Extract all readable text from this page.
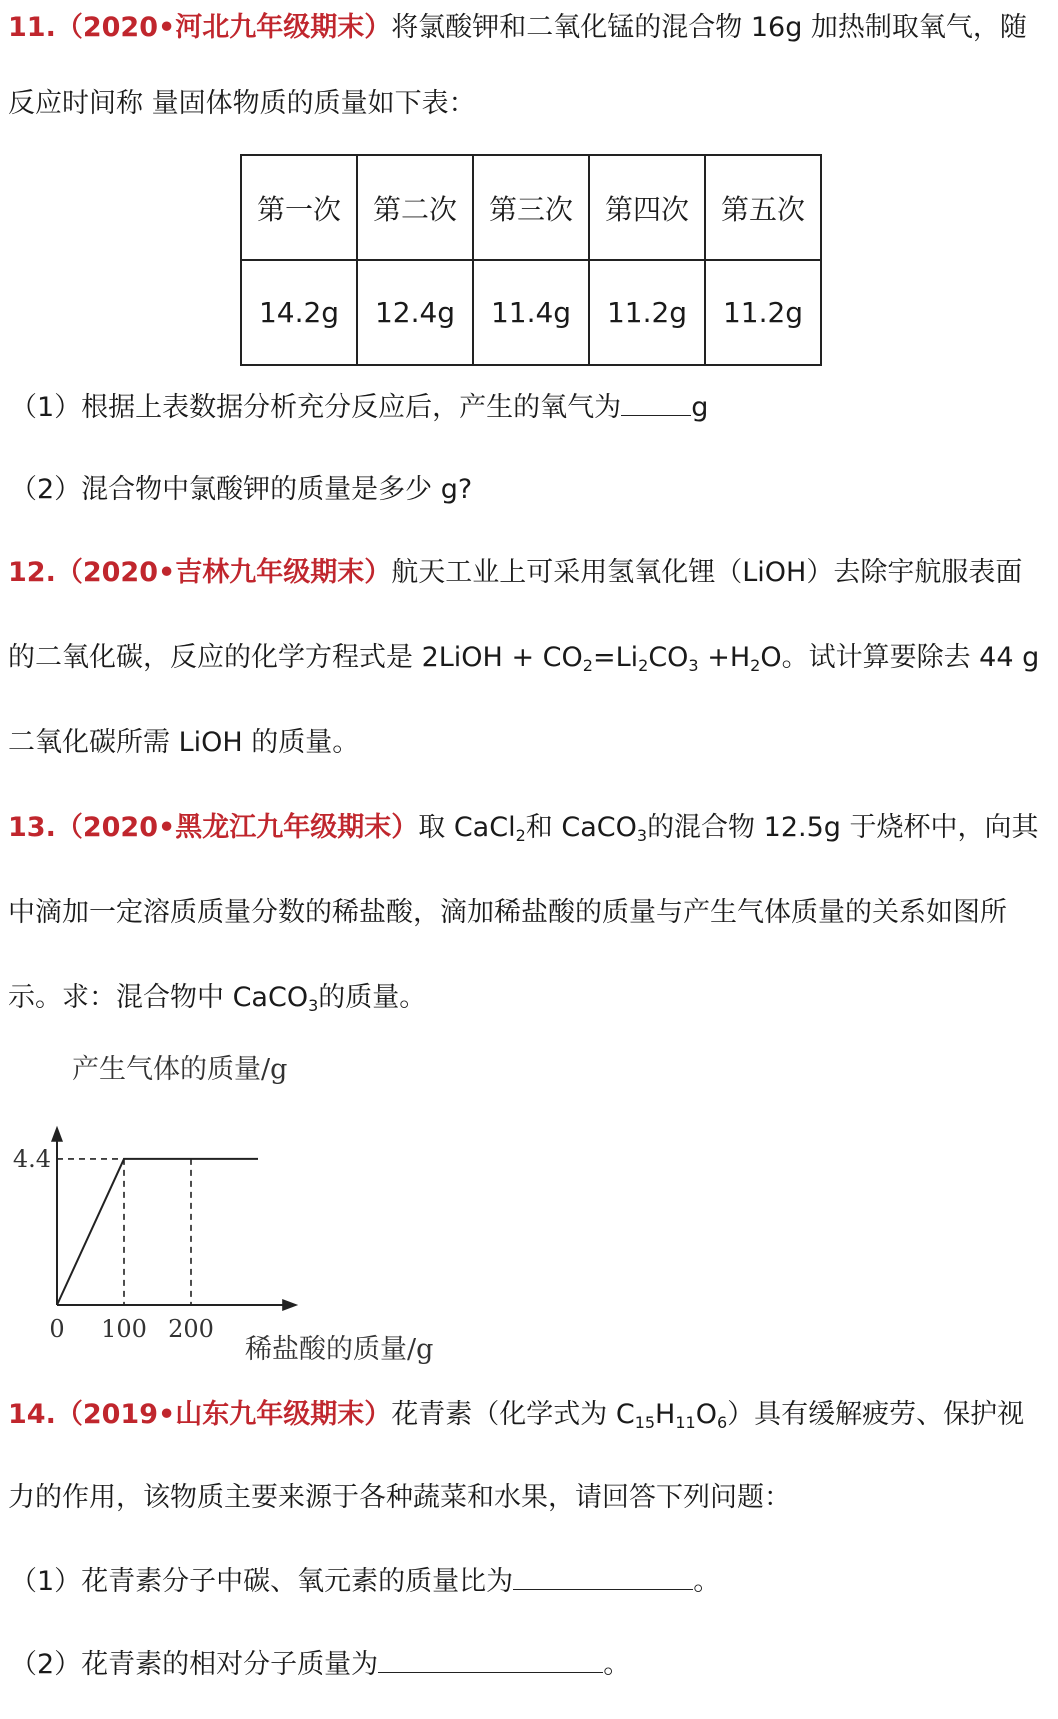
11.（2020•河北九年级期末）将氯酸钾和二氧化锰的混合物 16g 加热制取氧气，随
反应时间称 量固体物质的质量如下表：
第一次	第二次	第三次	第四次	第五次
14.2g	12.4g	11.4g	11.2g	11.2g
（1）根据上表数据分析充分反应后，产生的氧气为	g
（2）混合物中氯酸钾的质量是多少 g?
12.（2020•吉林九年级期末）航天工业上可采用氢氧化锂（LiOH）去除宇航服表面
的二氧化碳，反应的化学方程式是 2LiOH + $CO_2=Li_2CO_3 +H_2O$。试计算要除去 44 g
二氧化碳所需 LiOH 的质量。
13.（2020•黑龙江九年级期末）取 CaCl$_2$和 CaCO$_3$的混合物 12.5g 于烧杯中，向其
中滴加一定溶质质量分数的稀盐酸，滴加稀盐酸的质量与产生气体质量的关系如图所
示。求：混合物中 CaCO$_3$的质量。
0 100 200
4.4
产生气体的质量/g
稀盐酸的质量/g
14.（2019•山东九年级期末）花青素（化学式为 $C_{15}H_{11}O_6$）具有缓解疲劳、保护视
力的作用，该物质主要来源于各种蔬菜和水果，请回答下列问题：
（1）花青素分子中碳、氧元素的质量比为	。
（2）花青素的相对分子质量为	。
